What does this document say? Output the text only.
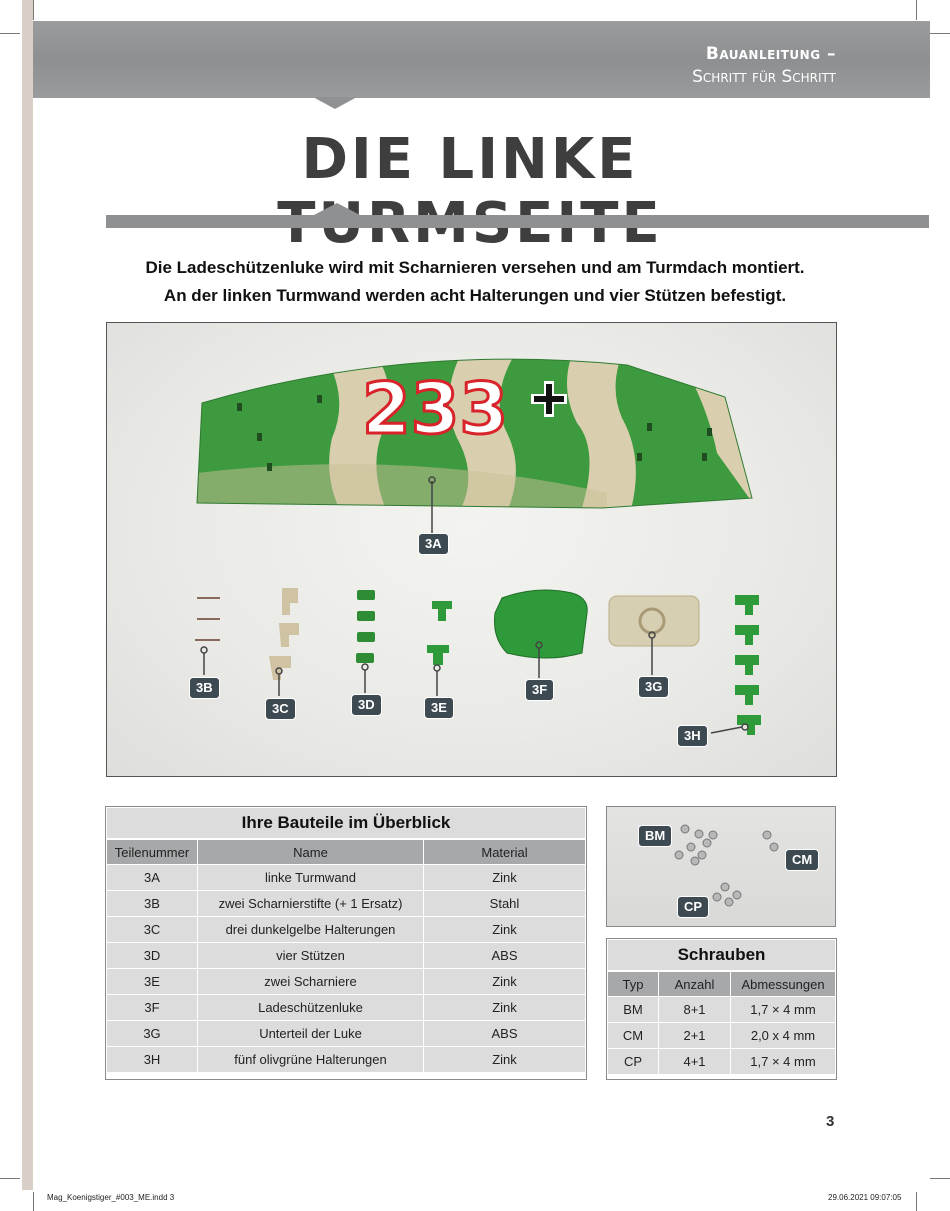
Bauanleitung –
Schritt für Schritt
DIE LINKE
Die Ladeschützenluke wird mit Scharnieren versehen und am Turmdach montiert.
An der linken Turmwand werden acht Halterungen und vier Stützen befestigt.
233
3A
3B
3C	3D	3E
3F	3G
3H
Ihre Bauteile im Überblick		
Teilenummer	Name	Material
3A	linke Turmwand	Zink
3B	zwei Scharnierstifte (+ 1 Ersatz)	Stahl
3C	drei dunkelgelbe Halterungen	Zink
3D	vier Stützen	ABS
3E	zwei Scharniere	Zink
3F	Ladeschützenluke	Zink
3G	Unterteil der Luke	ABS
3H	fünf olivgrüne Halterungen	Zink
BM
CM
CP
Schrauben		
Typ	Anzahl	Abmessungen
BM	8+1	1,7 × 4 mm
CM	2+1	2,0 x 4 mm
CP	4+1	1,7 × 4 mm
3
Mag_Koenigstiger_#003_ME.indd 3	29.06.2021 09:07:05
